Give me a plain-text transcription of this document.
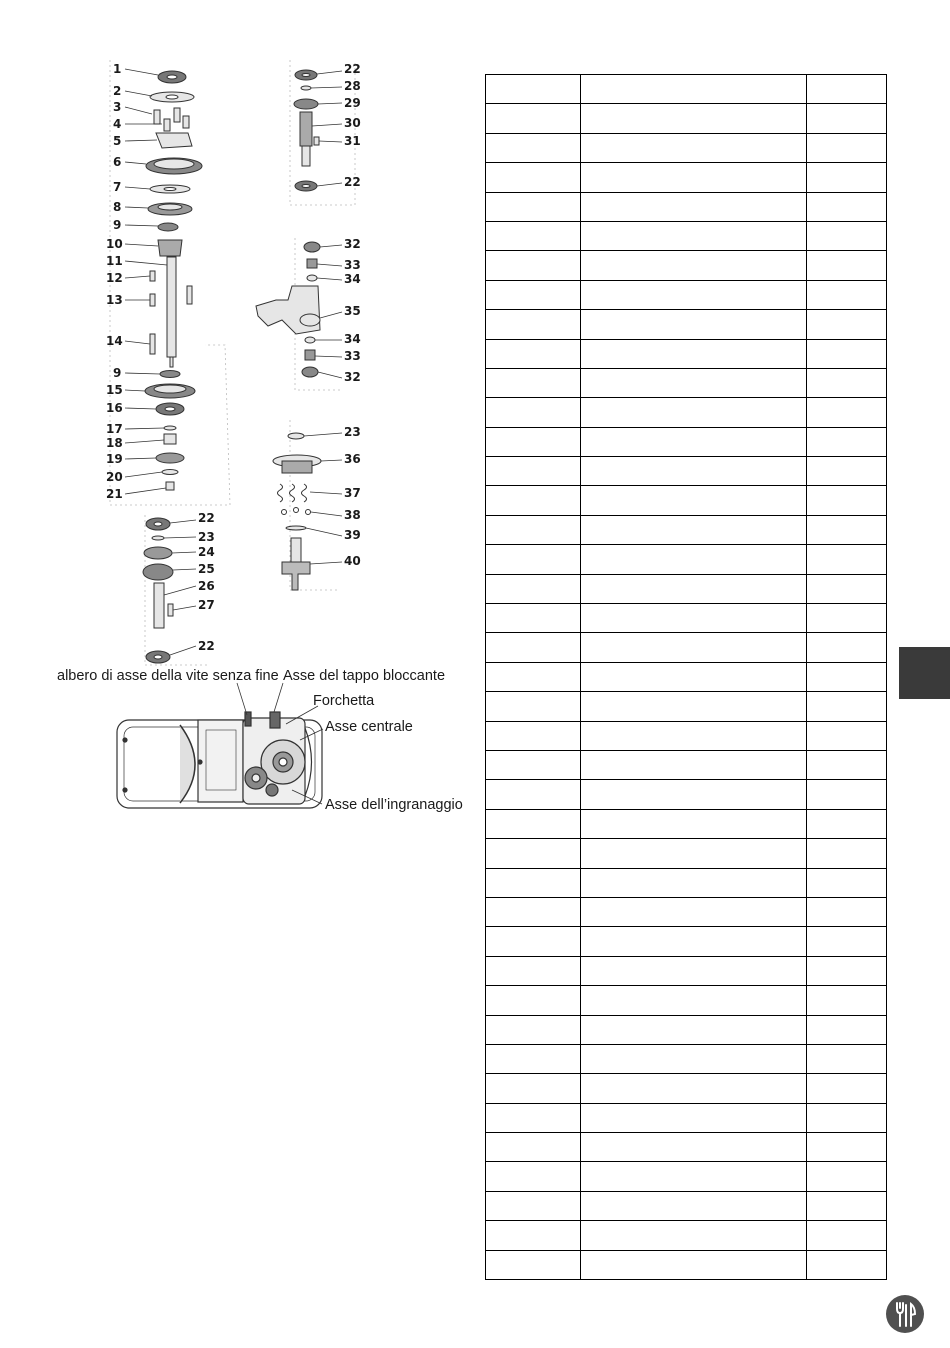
1
2
3
4
5
6
7
8
9
10
11
12
13
14
9
15
16
17
18
19
20
21
22
23
24
25
26
27
22
22
28
29
30
31
22
32
33
34
35
34
33
32
23
36
37
38
39
40
albero di asse della vite senza fine Asse del tappo bloccante
Forchetta
Asse centrale
Asse dell’ingranaggio
